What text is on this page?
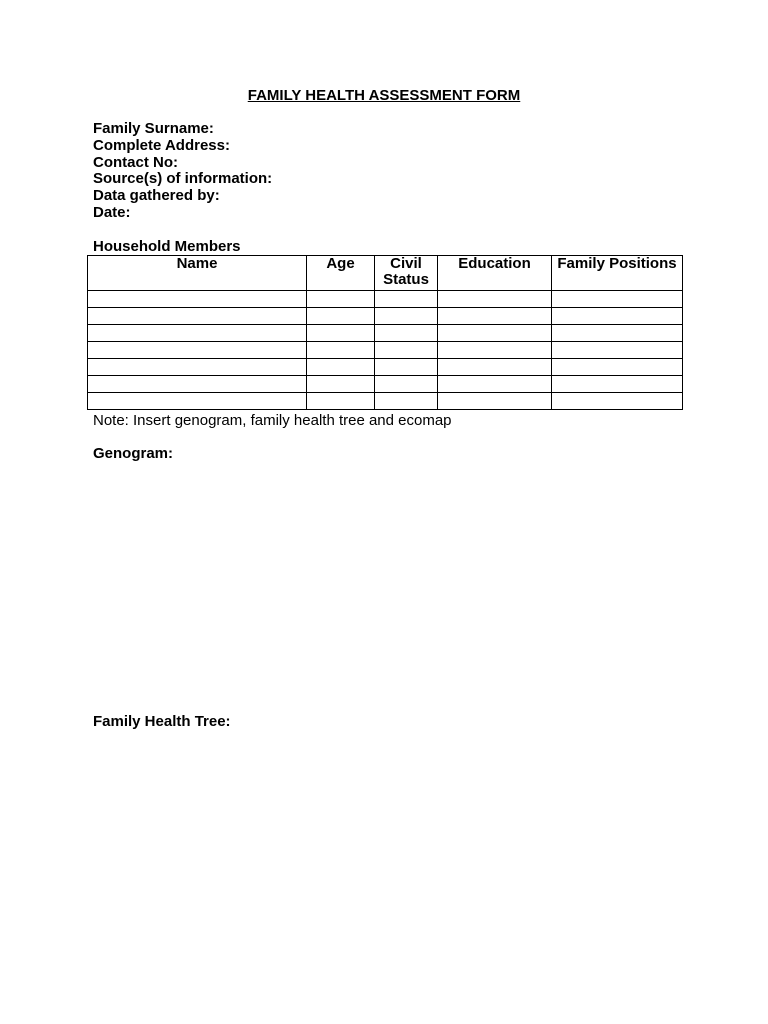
FAMILY HEALTH ASSESSMENT FORM
Family Surname:
Complete Address:
Contact No:
Source(s) of information:
Data gathered by:
Date:
Household Members
Name	Age	Civil Status	Education	Family Positions

Note: Insert genogram, family health tree and ecomap
Genogram:
Family Health Tree:
